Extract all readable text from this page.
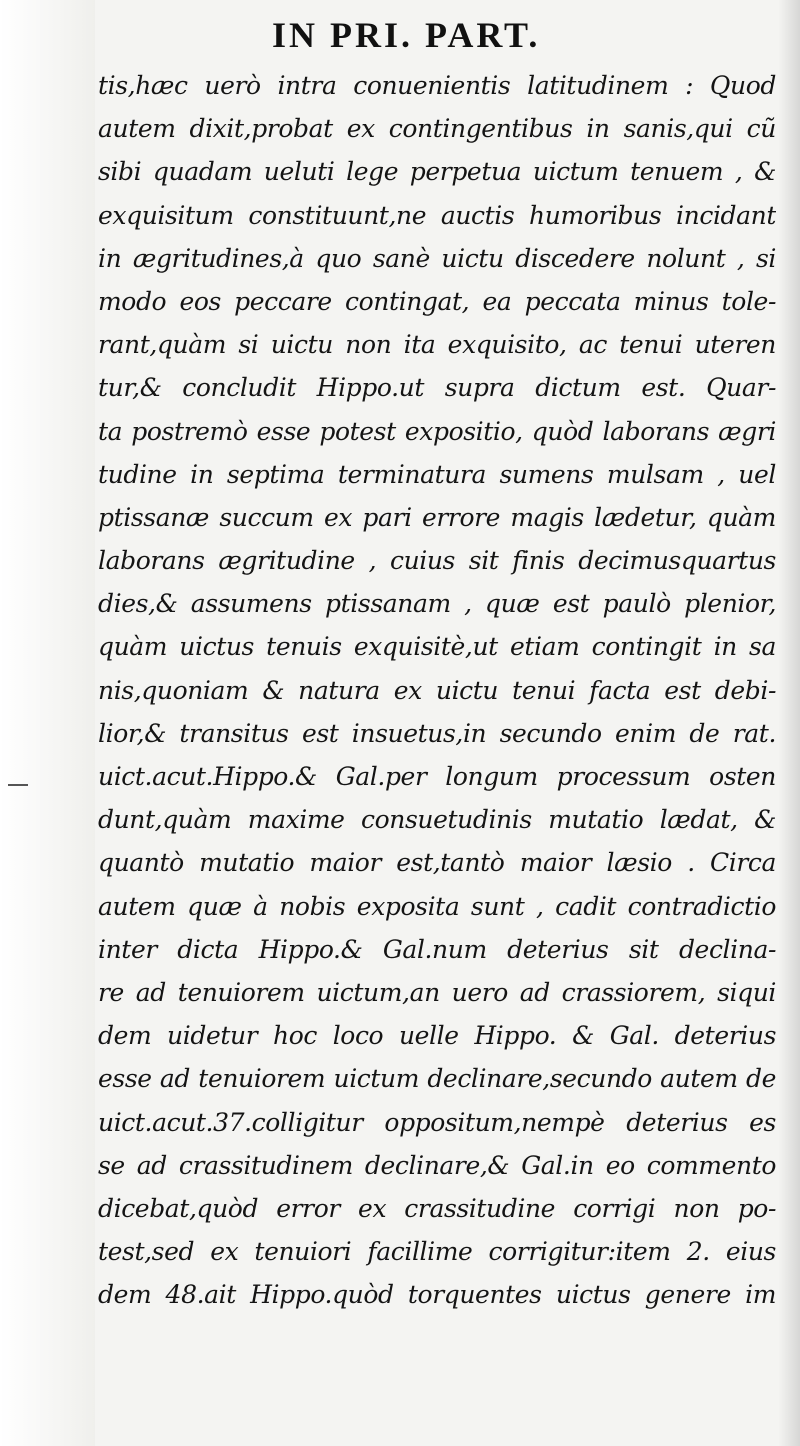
IN PRI. PART.
tis,hæc uerò intra conuenientis latitudinem : Quod
autem dixit,probat ex contingentibus in sanis,qui cũ
sibi quadam ueluti lege perpetua uictum tenuem , &
exquisitum constituunt,ne auctis humoribus incidant
in ægritudines,à quo sanè uictu discedere nolunt , si
modo eos peccare contingat, ea peccata minus tole-
rant,quàm si uictu non ita exquisito, ac tenui uteren
tur,& concludit Hippo.ut supra dictum est. Quar-
ta postremò esse potest expositio, quòd laborans ægri
tudine in septima terminatura sumens mulsam , uel
ptissanæ succum ex pari errore magis lædetur, quàm
laborans ægritudine , cuius sit finis decimusquartus
dies,& assumens ptissanam , quæ est paulò plenior,
quàm uictus tenuis exquisitè,ut etiam contingit in sa
nis,quoniam & natura ex uictu tenui facta est debi-
lior,& transitus est insuetus,in secundo enim de rat.
uict.acut.Hippo.& Gal.per longum processum osten
dunt,quàm maxime consuetudinis mutatio lædat, &
quantò mutatio maior est,tantò maior læsio . Circa
autem quæ à nobis exposita sunt , cadit contradictio
inter dicta Hippo.& Gal.num deterius sit declina-
re ad tenuiorem uictum,an uero ad crassiorem, siqui
dem uidetur hoc loco uelle Hippo. & Gal. deterius
esse ad tenuiorem uictum declinare,secundo autem de
uict.acut.37.colligitur oppositum,nempè deterius es
se ad crassitudinem declinare,& Gal.in eo commento
dicebat,quòd error ex crassitudine corrigi non po-
test,sed ex tenuiori facillime corrigitur:item 2. eius
dem 48.ait Hippo.quòd torquentes uictus genere im
